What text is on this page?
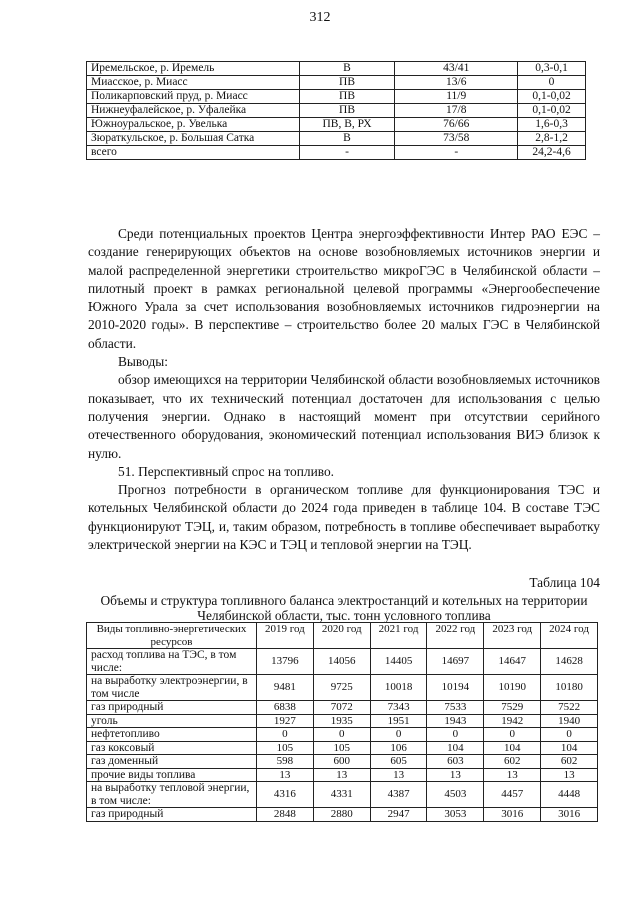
312
Иремельское, р. Иремель	В	43/41	0,3-0,1
Миасское, р. Миасс	ПВ	13/6	0
Поликарповский пруд, р. Миасс	ПВ	11/9	0,1-0,02
Нижнеуфалейское, р. Уфалейка	ПВ	17/8	0,1-0,02
Южноуральское, р. Увелька	ПВ, В, РХ	76/66	1,6-0,3
Зюраткульское, р. Большая Сатка	В	73/58	2,8-1,2
всего	-	-	24,2-4,6

Среди потенциальных проектов Центра энергоэффективности Интер РАО ЕЭС – создание генерирующих объектов на основе возобновляемых источников энергии и малой распределенной энергетики строительство микроГЭС в Челябинской области – пилотный проект в рамках региональной целевой программы «Энергообеспечение Южного Урала за счет использования возобновляемых источников гидроэнергии на 2010-2020 годы». В перспективе – строительство более 20 малых ГЭС в Челябинской области.

Выводы:

обзор имеющихся на территории Челябинской области возобновляемых источников показывает, что их технический потенциал достаточен для использования с целью получения энергии. Однако в настоящий момент при отсутствии серийного отечественного оборудования, экономический потенциал использования ВИЭ близок к нулю.

51. Перспективный спрос на топливо.

Прогноз потребности в органическом топливе для функционирования ТЭС и котельных Челябинской области до 2024 года приведен в таблице 104. В составе ТЭС функционируют ТЭЦ, и, таким образом, потребность в топливе обеспечивает выработку электрической энергии на КЭС и ТЭЦ и тепловой энергии на ТЭЦ.

Таблица 104
Объемы и структура топливного баланса электростанций и котельных на территории Челябинской области, тыс. тонн условного топлива
Виды топливно-энергетических ресурсов	2019 год	2020 год	2021 год	2022 год	2023 год	2024 год
расход топлива на ТЭС, в том числе:	13796	14056	14405	14697	14647	14628
на выработку электроэнергии, в том числе	9481	9725	10018	10194	10190	10180
газ природный	6838	7072	7343	7533	7529	7522
уголь	1927	1935	1951	1943	1942	1940
нефтетопливо	0	0	0	0	0	0
газ коксовый	105	105	106	104	104	104
газ доменный	598	600	605	603	602	602
прочие виды топлива	13	13	13	13	13	13
на выработку тепловой энергии, в том числе:	4316	4331	4387	4503	4457	4448
газ природный	2848	2880	2947	3053	3016	3016
